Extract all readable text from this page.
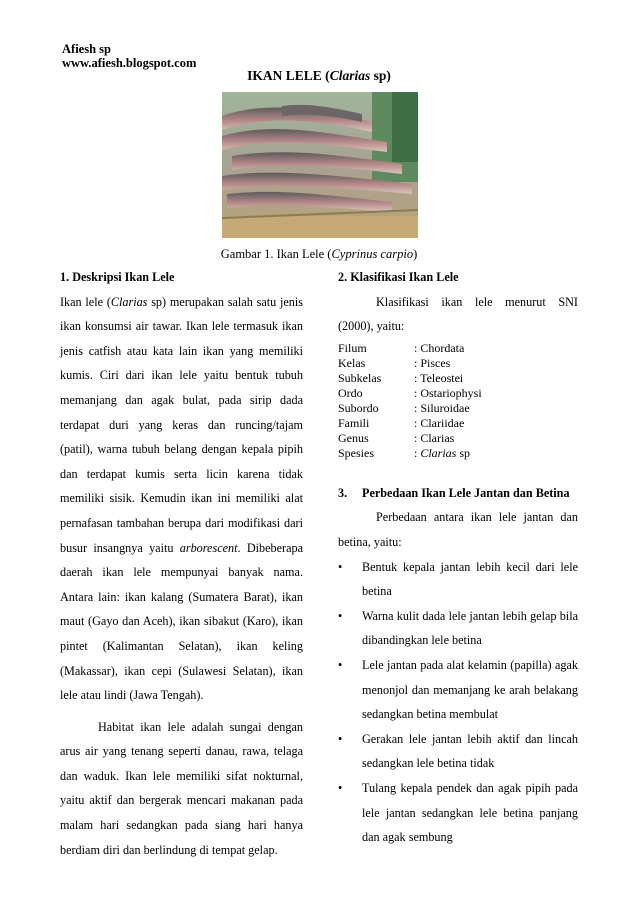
Afiesh sp
www.afiesh.blogspot.com
IKAN LELE (Clarias sp)
Gambar 1. Ikan Lele (Cyprinus carpio)

1. Deskripsi Ikan Lele

Ikan lele (Clarias sp) merupakan salah satu jenis ikan konsumsi air tawar. Ikan lele termasuk ikan jenis catfish atau kata lain ikan yang memiliki kumis. Ciri dari ikan lele yaitu bentuk tubuh memanjang dan agak bulat, pada sirip dada terdapat duri yang keras dan runcing/tajam (patil), warna tubuh belang dengan kepala pipih dan terdapat kumis serta licin karena tidak memiliki sisik. Kemudin ikan ini memiliki alat pernafasan tambahan berupa dari modifikasi dari busur insangnya yaitu arborescent. Dibeberapa daerah ikan lele mempunyai banyak nama. Antara lain: ikan kalang (Sumatera Barat), ikan maut (Gayo dan Aceh), ikan sibakut (Karo), ikan pintet (Kalimantan Selatan), ikan keling (Makassar), ikan cepi (Sulawesi Selatan), ikan lele atau lindi (Jawa Tengah).

Habitat ikan lele adalah sungai dengan arus air yang tenang seperti danau, rawa, telaga dan waduk. Ikan lele memiliki sifat nokturnal, yaitu aktif dan bergerak mencari makanan pada malam hari sedangkan pada siang hari hanya berdiam diri dan berlindung di tempat gelap.

2. Klasifikasi Ikan Lele

Klasifikasi ikan lele menurut SNI (2000), yaitu:

Filum	: Chordata
Kelas	: Pisces
Subkelas	: Teleostei
Ordo	: Ostariophysi
Subordo	: Siluroidae
Famili	: Clariidae
Genus	: Clarias
Spesies	: Clarias sp
3. Perbedaan Ikan Lele Jantan dan Betina

Perbedaan antara ikan lele jantan dan betina, yaitu:

• Bentuk kepala jantan lebih kecil dari lele betina
• Warna kulit dada lele jantan lebih gelap bila dibandingkan lele betina
• Lele jantan pada alat kelamin (papilla) agak menonjol dan memanjang ke arah belakang sedangkan betina membulat
• Gerakan lele jantan lebih aktif dan lincah sedangkan lele betina tidak
• Tulang kepala pendek dan agak pipih pada lele jantan sedangkan lele betina panjang dan agak sembung
